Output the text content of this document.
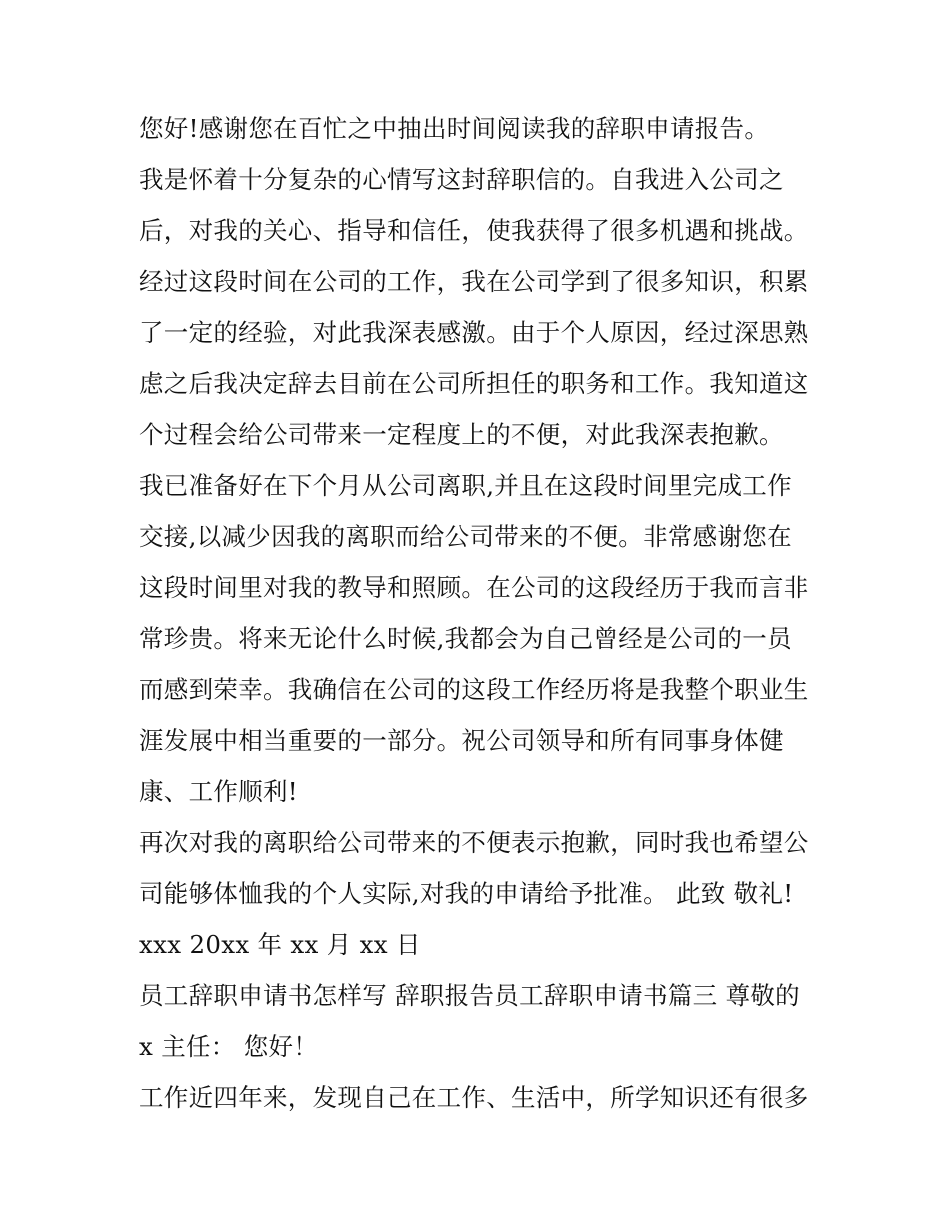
您好!感谢您在百忙之中抽出时间阅读我的辞职申请报告。
我是怀着十分复杂的心情写这封辞职信的。自我进入公司之
后，对我的关心、指导和信任，使我获得了很多机遇和挑战。
经过这段时间在公司的工作，我在公司学到了很多知识，积累
了一定的经验，对此我深表感激。由于个人原因，经过深思熟
虑之后我决定辞去目前在公司所担任的职务和工作。我知道这
个过程会给公司带来一定程度上的不便，对此我深表抱歉。
我已准备好在下个月从公司离职,并且在这段时间里完成工作
交接,以减少因我的离职而给公司带来的不便。非常感谢您在
这段时间里对我的教导和照顾。在公司的这段经历于我而言非
常珍贵。将来无论什么时候,我都会为自己曾经是公司的一员
而感到荣幸。我确信在公司的这段工作经历将是我整个职业生
涯发展中相当重要的一部分。祝公司领导和所有同事身体健
康、工作顺利!
再次对我的离职给公司带来的不便表示抱歉，同时我也希望公
司能够体恤我的个人实际,对我的申请给予批准。 此致 敬礼!
xxx 20xx 年 xx 月 xx 日
员工辞职申请书怎样写 辞职报告员工辞职申请书篇三 尊敬的
x 主任： 您好！
工作近四年来，发现自己在工作、生活中，所学知识还有很多
